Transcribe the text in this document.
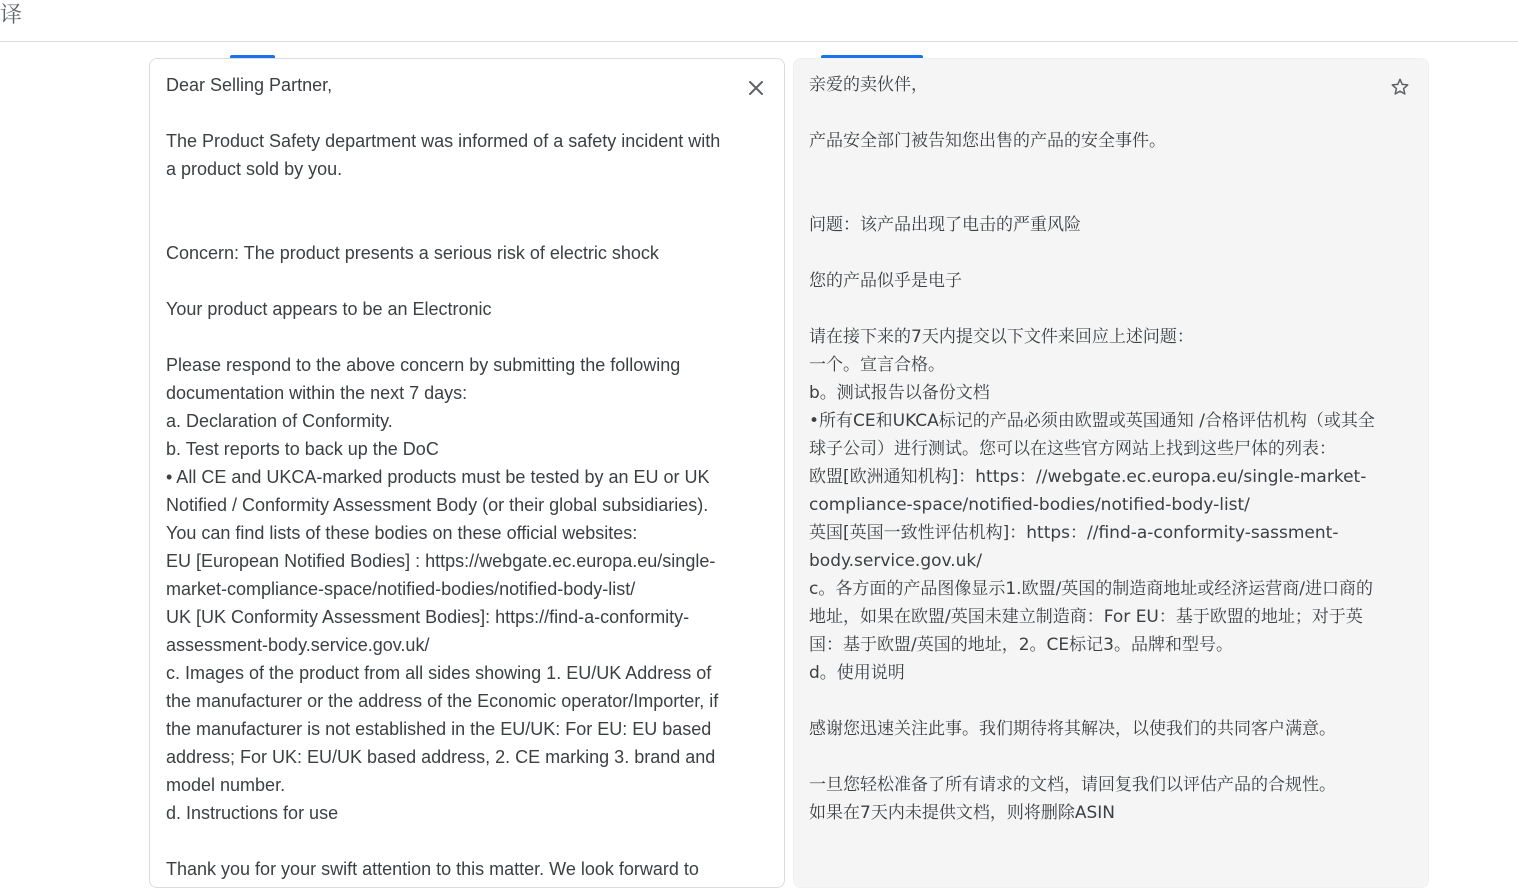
译
Dear Selling Partner,

The Product Safety department was informed of a safety incident with a product sold by you.

Concern: The product presents a serious risk of electric shock

Your product appears to be an Electronic

Please respond to the above concern by submitting the following documentation within the next 7 days:
a. Declaration of Conformity.
b. Test reports to back up the DoC
• All CE and UKCA-marked products must be tested by an EU or UK Notified / Conformity Assessment Body (or their global subsidiaries). You can find lists of these bodies on these official websites:
EU [European Notified Bodies] : https://webgate.ec.europa.eu/single-market-compliance-space/notified-bodies/notified-body-list/
UK [UK Conformity Assessment Bodies]: https://find-a-conformity-assessment-body.service.gov.uk/
c. Images of the product from all sides showing 1. EU/UK Address of the manufacturer or the address of the Economic operator/Importer, if the manufacturer is not established in the EU/UK: For EU: EU based address; For UK: EU/UK based address, 2. CE marking 3. brand and model number.
d. Instructions for use

Thank you for your swift attention to this matter. We look forward to
亲爱的卖伙伴，

产品安全部门被告知您出售的产品的安全事件。

问题：该产品出现了电击的严重风险

您的产品似乎是电子

请在接下来的7天内提交以下文件来回应上述问题：
一个。宣言合格。
b。测试报告以备份文档
•所有CE和UKCA标记的产品必须由欧盟或英国通知 /合格评估机构（或其全球子公司）进行测试。您可以在这些官方网站上找到这些尸体的列表：
欧盟[欧洲通知机构]：https：//webgate.ec.europa.eu/single-market-compliance-space/notified-bodies/notified-body-list/
英国[英国一致性评估机构]：https：//find-a-conformity-sassment-body.service.gov.uk/
c。各方面的产品图像显示1.欧盟/英国的制造商地址或经济运营商/进口商的地址，如果在欧盟/英国未建立制造商：For EU：基于欧盟的地址；对于英国：基于欧盟/英国的地址，2。CE标记3。品牌和型号。
d。使用说明

感谢您迅速关注此事。我们期待将其解决，以使我们的共同客户满意。

一旦您轻松准备了所有请求的文档，请回复我们以评估产品的合规性。
如果在7天内未提供文档，则将删除ASIN
